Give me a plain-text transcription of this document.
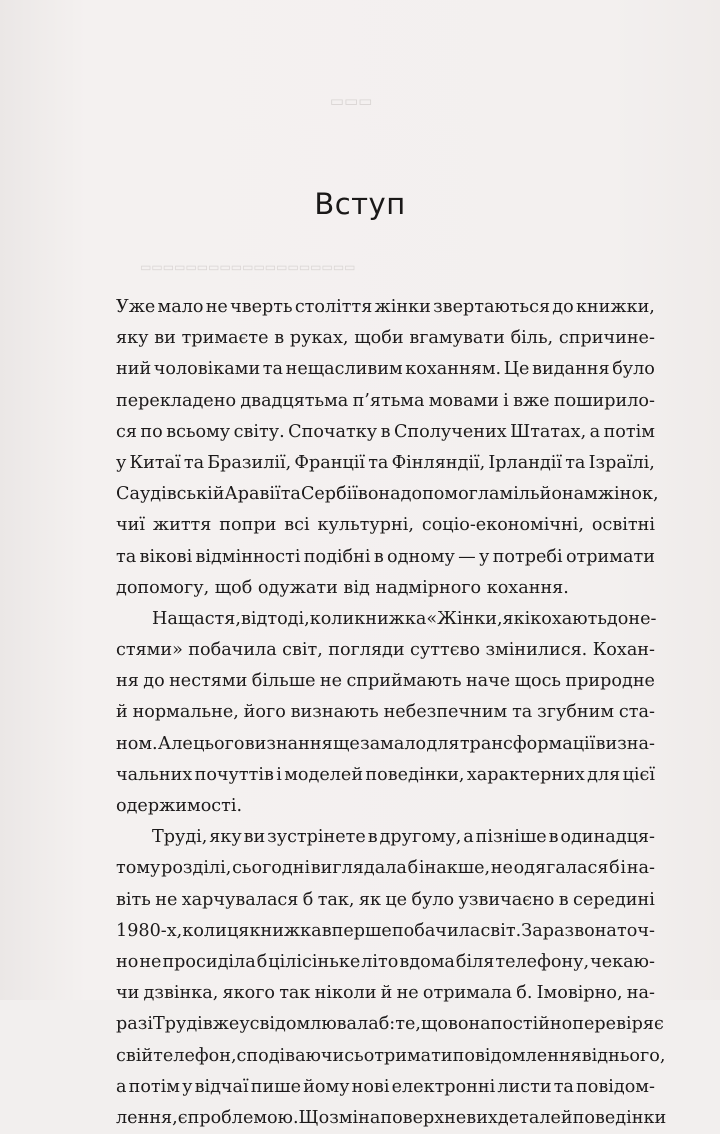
▭▭▭
▭▭▭▭▭▭▭▭▭▭▭▭▭▭▭▭▭▭▭
Вступ
Уже мало не чверть століття жінки звертаються до книжки,
яку ви тримаєте в руках, щоби вгамувати біль, спричине-
ний чоловіками та нещасливим коханням. Це видання було
перекладено двадцятьма п’ятьма мовами і вже поширило-
ся по всьому світу. Спочатку в Сполучених Штатах, а потім
у Китаї та Бразилії, Франції та Фінляндії, Ірландії та Ізраїлі,
Саудівській Аравії та Сербії вона допомогла мільйонам жінок,
чиї життя попри всі культурні, соціо-економічні, освітні
та вікові відмінності подібні в одному — у потребі отримати
допомогу, щоб одужати від надмірного кохання.
На щастя, відтоді, коли книжка «Жінки, які кохають до не-
стями» побачила світ, погляди суттєво змінилися. Кохан-
ня до нестями більше не сприймають наче щось природне
й нормальне, його визнають небезпечним та згубним ста-
ном. Але цього визнання ще замало для трансформації визна-
чальних почуттів і моделей поведінки, характерних для цієї
одержимості.
Труді, яку ви зустрінете в другому, а пізніше в одинадця-
тому розділі, сьогодні виглядала б інакше, не одягалася б і на-
віть не харчувалася б так, як це було узвичаєно в середині
1980-х, коли ця книжка вперше побачила світ. Зараз вона точ-
но не просиділа б цілісіньке літо вдома біля телефону, чекаю-
чи дзвінка, якого так ніколи й не отримала б. Імовірно, на-
разі Труді вже усвідомлювала б: те, що вона постійно перевіряє
свій телефон, сподіваючись отримати повідомлення від нього,
а потім у відчаї пише йому нові електронні листи та повідом-
лення, є проблемою. Що зміна поверхневих деталей поведінки
